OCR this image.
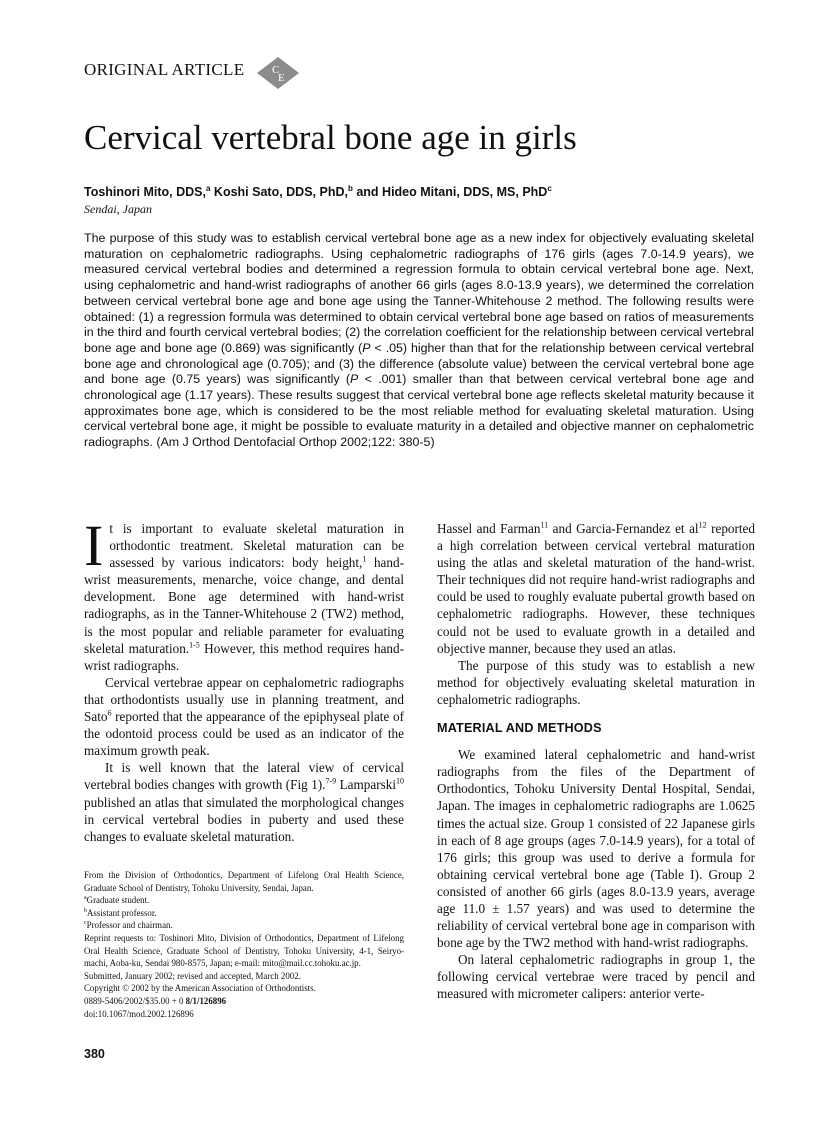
ORIGINAL ARTICLE	C
E
Cervical vertebral bone age in girls
Toshinori Mito, DDS,$^a$ Koshi Sato, DDS, PhD,$^b$ and Hideo Mitani, DDS, MS, PhD$^c$
Sendai, Japan

The purpose of this study was to establish cervical vertebral bone age as a new index for objectively evaluating skeletal maturation on cephalometric radiographs. Using cephalometric radiographs of 176 girls (ages 7.0-14.9 years), we measured cervical vertebral bodies and determined a regression formula to obtain cervical vertebral bone age. Next, using cephalometric and hand-wrist radiographs of another 66 girls (ages 8.0-13.9 years), we determined the correlation between cervical vertebral bone age and bone age using the Tanner-Whitehouse 2 method. The following results were obtained: (1) a regression formula was determined to obtain cervical vertebral bone age based on ratios of measurements in the third and fourth cervical vertebral bodies; (2) the correlation coefficient for the relationship between cervical vertebral bone age and bone age (0.869) was significantly (P < .05) higher than that for the relationship between cervical vertebral bone age and chronological age (0.705); and (3) the difference (absolute value) between the cervical vertebral bone age and bone age (0.75 years) was significantly (P < .001) smaller than that between cervical vertebral bone age and chronological age (1.17 years). These results suggest that cervical vertebral bone age reflects skeletal maturity because it approximates bone age, which is considered to be the most reliable method for evaluating skeletal maturation. Using cervical vertebral bone age, it might be possible to evaluate maturity in a detailed and objective manner on cephalometric radiographs. (Am J Orthod Dentofacial Orthop 2002;122: 380-5)

It is important to evaluate skeletal maturation in orthodontic treatment. Skeletal maturation can be assessed by various indicators: body height,$^1$ hand-wrist measurements, menarche, voice change, and dental development. Bone age determined with hand-wrist radiographs, as in the Tanner-Whitehouse 2 (TW2) method, is the most popular and reliable parameter for evaluating skeletal maturation.$^{1-5}$ However, this method requires hand-wrist radiographs.

Cervical vertebrae appear on cephalometric radiographs that orthodontists usually use in planning treatment, and Sato$^6$ reported that the appearance of the epiphyseal plate of the odontoid process could be used as an indicator of the maximum growth peak.

It is well known that the lateral view of cervical vertebral bodies changes with growth (Fig 1).$^{7-9}$ Lamparski$^{10}$ published an atlas that simulated the morphological changes in cervical vertebral bodies in puberty and used these changes to evaluate skeletal maturation.

Hassel and Farman$^{11}$ and Garcia-Fernandez et $al^{12}$ reported a high correlation between cervical vertebral maturation using the atlas and skeletal maturation of the hand-wrist. Their techniques did not require hand-wrist radiographs and could be used to roughly evaluate pubertal growth based on cephalometric radiographs. However, these techniques could not be used to evaluate growth in a detailed and objective manner, because they used an atlas.

The purpose of this study was to establish a new method for objectively evaluating skeletal maturation in cephalometric radiographs.

MATERIAL AND METHODS

We examined lateral cephalometric and hand-wrist radiographs from the files of the Department of Orthodontics, Tohoku University Dental Hospital, Sendai, Japan. The images in cephalometric radiographs are 1.0625 times the actual size. Group 1 consisted of 22 Japanese girls in each of 8 age groups (ages 7.0-14.9 years), for a total of 176 girls; this group was used to derive a formula for obtaining cervical vertebral bone age (Table I). Group 2 consisted of another 66 girls (ages 8.0-13.9 years, average age 11.0 ± 1.57 years) and was used to determine the reliability of cervical vertebral bone age in comparison with bone age by the TW2 method with hand-wrist radiographs.

On lateral cephalometric radiographs in group 1, the following cervical vertebrae were traced by pencil and measured with micrometer calipers: anterior verte-

From the Division of Orthodontics, Department of Lifelong Oral Health Science, Graduate School of Dentistry, Tohoku University, Sendai, Japan.
$^a$Graduate student.
$^b$Assistant professor.
$^c$Professor and chairman.
Reprint requests to: Toshinori Mito, Division of Orthodontics, Department of Lifelong Oral Health Science, Graduate School of Dentistry, Tohoku University, 4-1, Seiryo-machi, Aoba-ku, Sendai 980-8575, Japan; e-mail: mito@mail.cc.tohoku.ac.jp.
Submitted, January 2002; revised and accepted, March 2002.
Copyright © 2002 by the American Association of Orthodontists.
0889-5406/2002/$35.00 + 0 8/1/126896
doi:10.1067/mod.2002.126896
380
